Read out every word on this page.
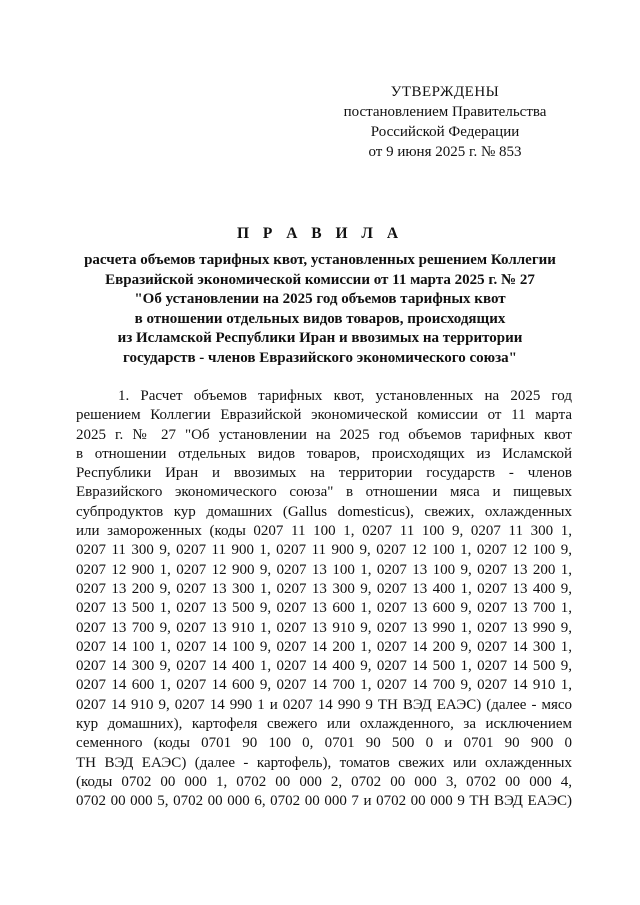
УТВЕРЖДЕНЫ
постановлением Правительства
Российской Федерации
от 9 июня 2025 г. № 853
П Р А В И Л А
расчета объемов тарифных квот, установленных решением Коллегии
Евразийской экономической комиссии от 11 марта 2025 г. № 27
"Об установлении на 2025 год объемов тарифных квот
в отношении отдельных видов товаров, происходящих
из Исламской Республики Иран и ввозимых на территории
государств - членов Евразийского экономического союза"
1. Расчет объемов тарифных квот, установленных на 2025 год
решением Коллегии Евразийской экономической комиссии от 11 марта
2025 г. № 27 "Об установлении на 2025 год объемов тарифных квот
в отношении отдельных видов товаров, происходящих из Исламской
Республики Иран и ввозимых на территории государств - членов
Евразийского экономического союза" в отношении мяса и пищевых
субпродуктов кур домашних (Gallus domesticus), свежих, охлажденных
или замороженных (коды 0207 11 100 1, 0207 11 100 9, 0207 11 300 1,
0207 11 300 9, 0207 11 900 1, 0207 11 900 9, 0207 12 100 1, 0207 12 100 9,
0207 12 900 1, 0207 12 900 9, 0207 13 100 1, 0207 13 100 9, 0207 13 200 1,
0207 13 200 9, 0207 13 300 1, 0207 13 300 9, 0207 13 400 1, 0207 13 400 9,
0207 13 500 1, 0207 13 500 9, 0207 13 600 1, 0207 13 600 9, 0207 13 700 1,
0207 13 700 9, 0207 13 910 1, 0207 13 910 9, 0207 13 990 1, 0207 13 990 9,
0207 14 100 1, 0207 14 100 9, 0207 14 200 1, 0207 14 200 9, 0207 14 300 1,
0207 14 300 9, 0207 14 400 1, 0207 14 400 9, 0207 14 500 1, 0207 14 500 9,
0207 14 600 1, 0207 14 600 9, 0207 14 700 1, 0207 14 700 9, 0207 14 910 1,
0207 14 910 9, 0207 14 990 1 и 0207 14 990 9 ТН ВЭД ЕАЭС) (далее - мясо
кур домашних), картофеля свежего или охлажденного, за исключением
семенного (коды 0701 90 100 0, 0701 90 500 0 и 0701 90 900 0
ТН ВЭД ЕАЭС) (далее - картофель), томатов свежих или охлажденных
(коды 0702 00 000 1, 0702 00 000 2, 0702 00 000 3, 0702 00 000 4,
0702 00 000 5, 0702 00 000 6, 0702 00 000 7 и 0702 00 000 9 ТН ВЭД ЕАЭС)
